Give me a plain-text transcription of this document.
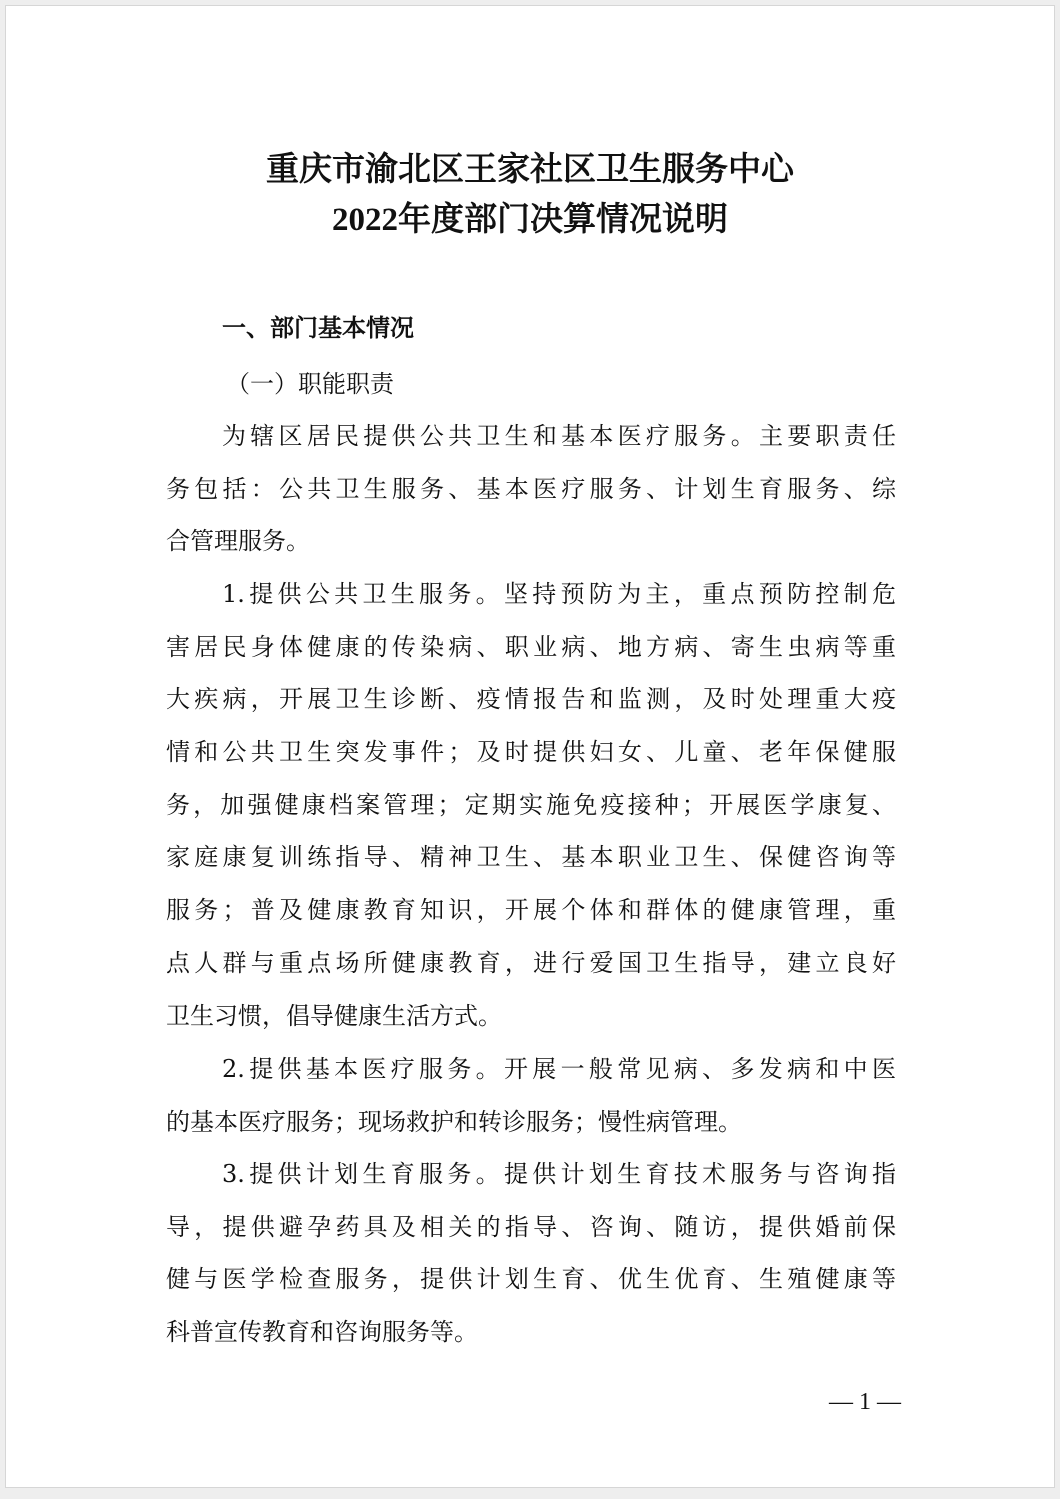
重庆市渝北区王家社区卫生服务中心
2022年度部门决算情况说明
一、部门基本情况
（一）职能职责
为辖区居民提供公共卫生和基本医疗服务。主要职责任
务包括：公共卫生服务、基本医疗服务、计划生育服务、综
合管理服务。
1.提供公共卫生服务。坚持预防为主，重点预防控制危
害居民身体健康的传染病、职业病、地方病、寄生虫病等重
大疾病，开展卫生诊断、疫情报告和监测，及时处理重大疫
情和公共卫生突发事件；及时提供妇女、儿童、老年保健服
务，加强健康档案管理；定期实施免疫接种；开展医学康复、
家庭康复训练指导、精神卫生、基本职业卫生、保健咨询等
服务；普及健康教育知识，开展个体和群体的健康管理，重
点人群与重点场所健康教育，进行爱国卫生指导，建立良好
卫生习惯，倡导健康生活方式。
2.提供基本医疗服务。开展一般常见病、多发病和中医
的基本医疗服务；现场救护和转诊服务；慢性病管理。
3.提供计划生育服务。提供计划生育技术服务与咨询指
导，提供避孕药具及相关的指导、咨询、随访，提供婚前保
健与医学检查服务，提供计划生育、优生优育、生殖健康等
科普宣传教育和咨询服务等。
— 1 —
